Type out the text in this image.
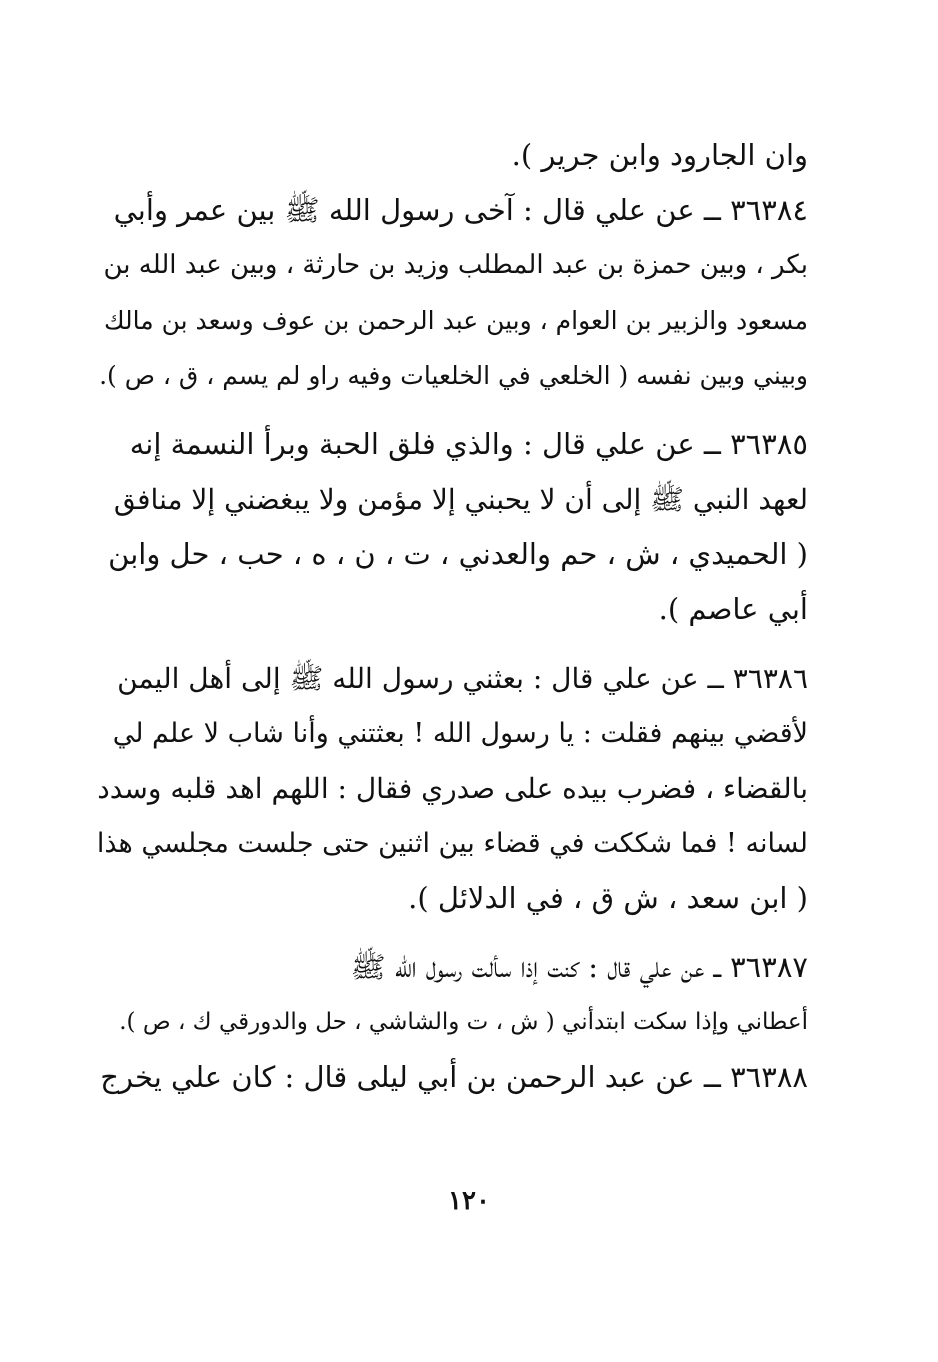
وان الجارود وابن جرير ).
٣٦٣٨٤ ــ عن علي قال : آخى رسول الله ﷺ بين عمر وأبي
بكر ، وبين حمزة بن عبد المطلب وزيد بن حارثة ، وبين عبد الله بن
مسعود والزبير بن العوام ، وبين عبد الرحمن بن عوف وسعد بن مالك
وبيني وبين نفسه ( الخلعي في الخلعيات وفيه راو لم يسم ، ق ، ص ).
٣٦٣٨٥ ــ عن علي قال : والذي فلق الحبة وبرأ النسمة إنه
لعهد النبي ﷺ إلى أن لا يحبني إلا مؤمن ولا يبغضني إلا منافق
( الحميدي ، ش ، حم والعدني ، ت ، ن ، ه ، حب ، حل وابن
أبي عاصم ).
٣٦٣٨٦ ــ عن علي قال : بعثني رسول الله ﷺ إلى أهل اليمن
لأقضي بينهم فقلت : يا رسول الله ! بعثتني وأنا شاب لا علم لي
بالقضاء ، فضرب بيده على صدري فقال : اللهم اهد قلبه وسدد
لسانه ! فما شككت في قضاء بين اثنين حتى جلست مجلسي هذا
( ابن سعد ، ش ق ، في الدلائل ).
٣٦٣٨٧ ــ عن علي قال : كنت إذا سألت رسول الله ﷺ
أعطاني وإذا سكت ابتدأني ( ش ، ت والشاشي ، حل والدورقي ك ، ص ).
٣٦٣٨٨ ــ عن عبد الرحمن بن أبي ليلى قال : كان علي يخرج
١٢٠
